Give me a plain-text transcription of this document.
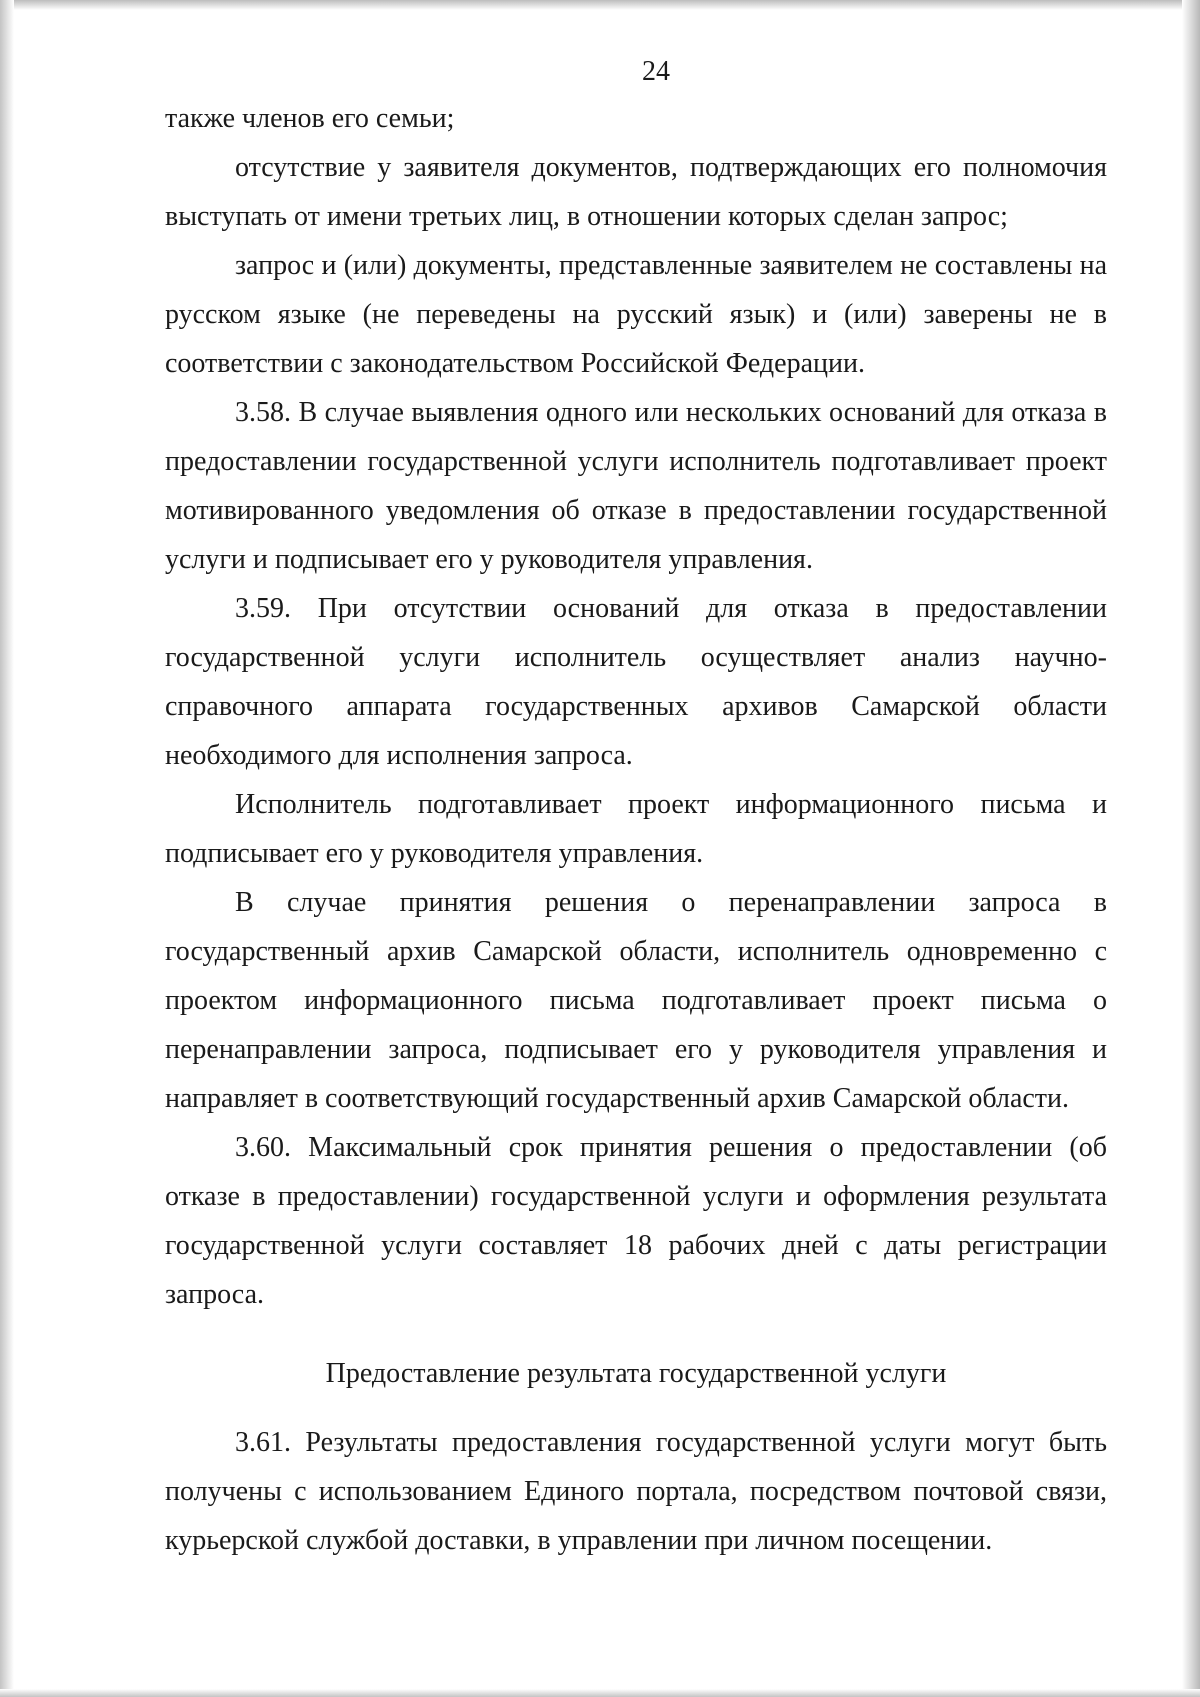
24

также членов его семьи;

отсутствие у заявителя документов, подтверждающих его полномочия выступать от имени третьих лиц, в отношении которых сделан запрос;

запрос и (или) документы, представленные заявителем не составлены на русском языке (не переведены на русский язык) и (или) заверены не в соответствии с законодательством Российской Федерации.

3.58. В случае выявления одного или нескольких оснований для отказа в предоставлении государственной услуги исполнитель подготавливает проект мотивированного уведомления об отказе в предоставлении государственной услуги и подписывает его у руководителя управления.

3.59. При отсутствии оснований для отказа в предоставлении государственной услуги исполнитель осуществляет анализ научно-справочного аппарата государственных архивов Самарской области необходимого для исполнения запроса.

Исполнитель подготавливает проект информационного письма и подписывает его у руководителя управления.

В случае принятия решения о перенаправлении запроса в государственный архив Самарской области, исполнитель одновременно с проектом информационного письма подготавливает проект письма о перенаправлении запроса, подписывает его у руководителя управления и направляет в соответствующий государственный архив Самарской области.

3.60. Максимальный срок принятия решения о предоставлении (об отказе в предоставлении) государственной услуги и оформления результата государственной услуги составляет 18 рабочих дней с даты регистрации запроса.

Предоставление результата государственной услуги

3.61. Результаты предоставления государственной услуги могут быть получены с использованием Единого портала, посредством почтовой связи, курьерской службой доставки, в управлении при личном посещении.
